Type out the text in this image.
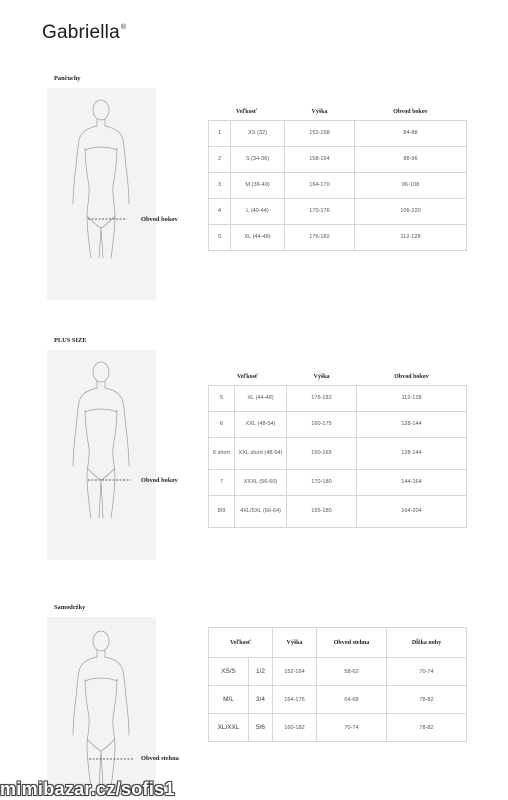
Gabriella®
Pančuchy
Obvod bokov
Veľkosť		Výška	Obvod bokov
1	XS (32)	152-158	84-88
2	S (34-36)	158-164	88-96
3	M (36-40)	164-170	96-108
4	L (40-44)	170-176	106-120
5	XL (44-48)	176-182	112-128
PLUS SIZE
Obvod bokov
Veľkosť		Výška	Obvod bokov
5	XL (44-48)	176-182	112-128
6	XXL (48-54)	160-175	128-144
6 short	XXL short (48-54)	150-165	128-144
7	XXXL (56-60)	170-180	144-164
8/9	4XL/5XL (60-64)	165-180	164-204
Samodržky
Obvod stehna
Veľkosť		Výška	Obvod stehna	Dĺžka nohy
XS/S	1/2	152-164	58-62	70-74
M/L	3/4	164-176	64-68	78-82
XL/XXL	5/6	160-182	70-74	78-82
mimibazar.cz/sofis1
